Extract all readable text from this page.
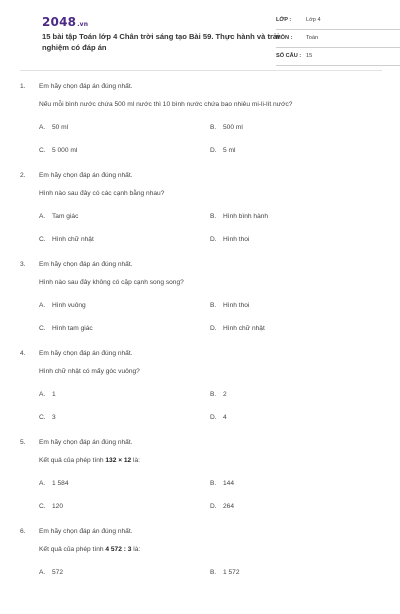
2048.vn
15 bài tập Toán lớp 4 Chân trời sáng tạo Bài 59. Thực hành và trải nghiệm có đáp án
LỚP :	Lớp 4
MÔN : Toán
SỐ CÂU : 15
1. Em hãy chọn đáp án đúng nhất.
Nếu mỗi bình nước chứa 500 ml nước thì 10 bình nước chứa bao nhiêu mi-li-lít nước?
A. 50 ml	B. 500 ml
C. 5 000 ml	D. 5 ml
2. Em hãy chọn đáp án đúng nhất.
Hình nào sau đây có các cạnh bằng nhau?
A. Tam giác	B. Hình bình hành
C. Hình chữ nhật	D. Hình thoi
3. Em hãy chọn đáp án đúng nhất.
Hình nào sau đây không có cặp cạnh song song?
A. Hình vuông	B. Hình thoi
C. Hình tam giác	D. Hình chữ nhật
4. Em hãy chọn đáp án đúng nhất.
Hình chữ nhật có mấy góc vuông?
A. 1	B. 2
C. 3	D. 4
5. Em hãy chọn đáp án đúng nhất.
Kết quả của phép tính 132 × 12 là:
A. 1 584	B. 144
C. 120	D. 264
6. Em hãy chọn đáp án đúng nhất.
Kết quả của phép tính 4 572 : 3 là:
A. 572	B. 1 572
